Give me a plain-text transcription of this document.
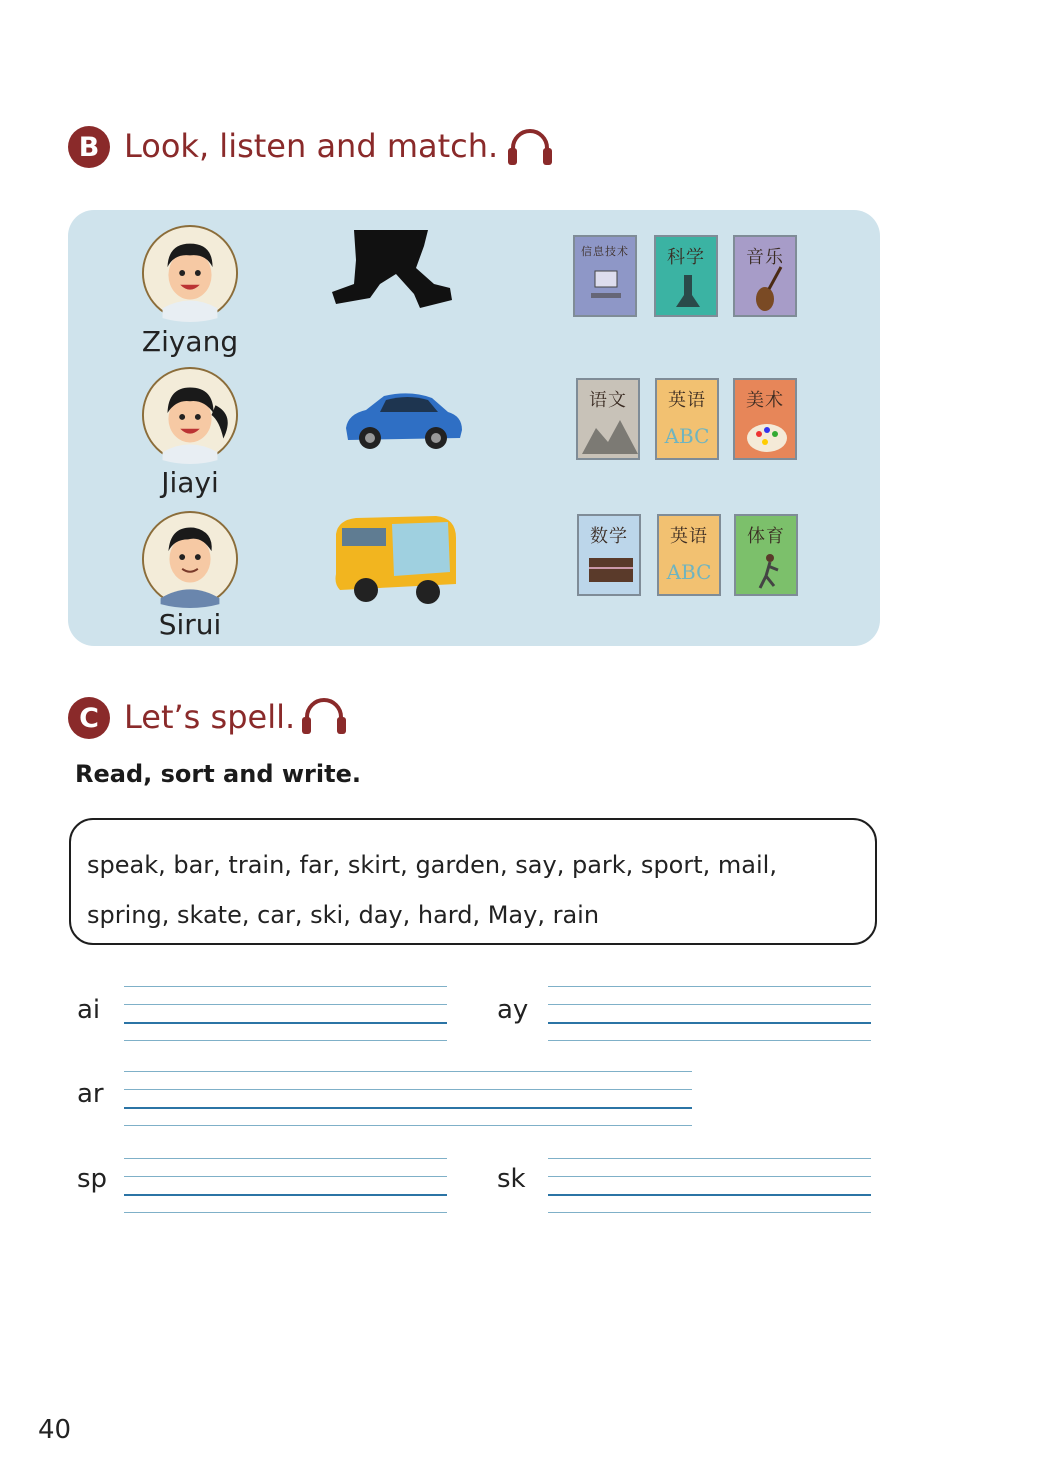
B Look, listen and match.
Ziyang
信息技术	科学	音乐
Jiayi
语文	英语
ABC
美术
Sirui
数学	英语
ABC
体育
C Let’s spell.
Read, sort and write.
speak, bar, train, far, skirt, garden, say, park, sport, mail,
spring, skate, car, ski, day, hard, May, rain
ai	ay
ar
sp	sk
40
